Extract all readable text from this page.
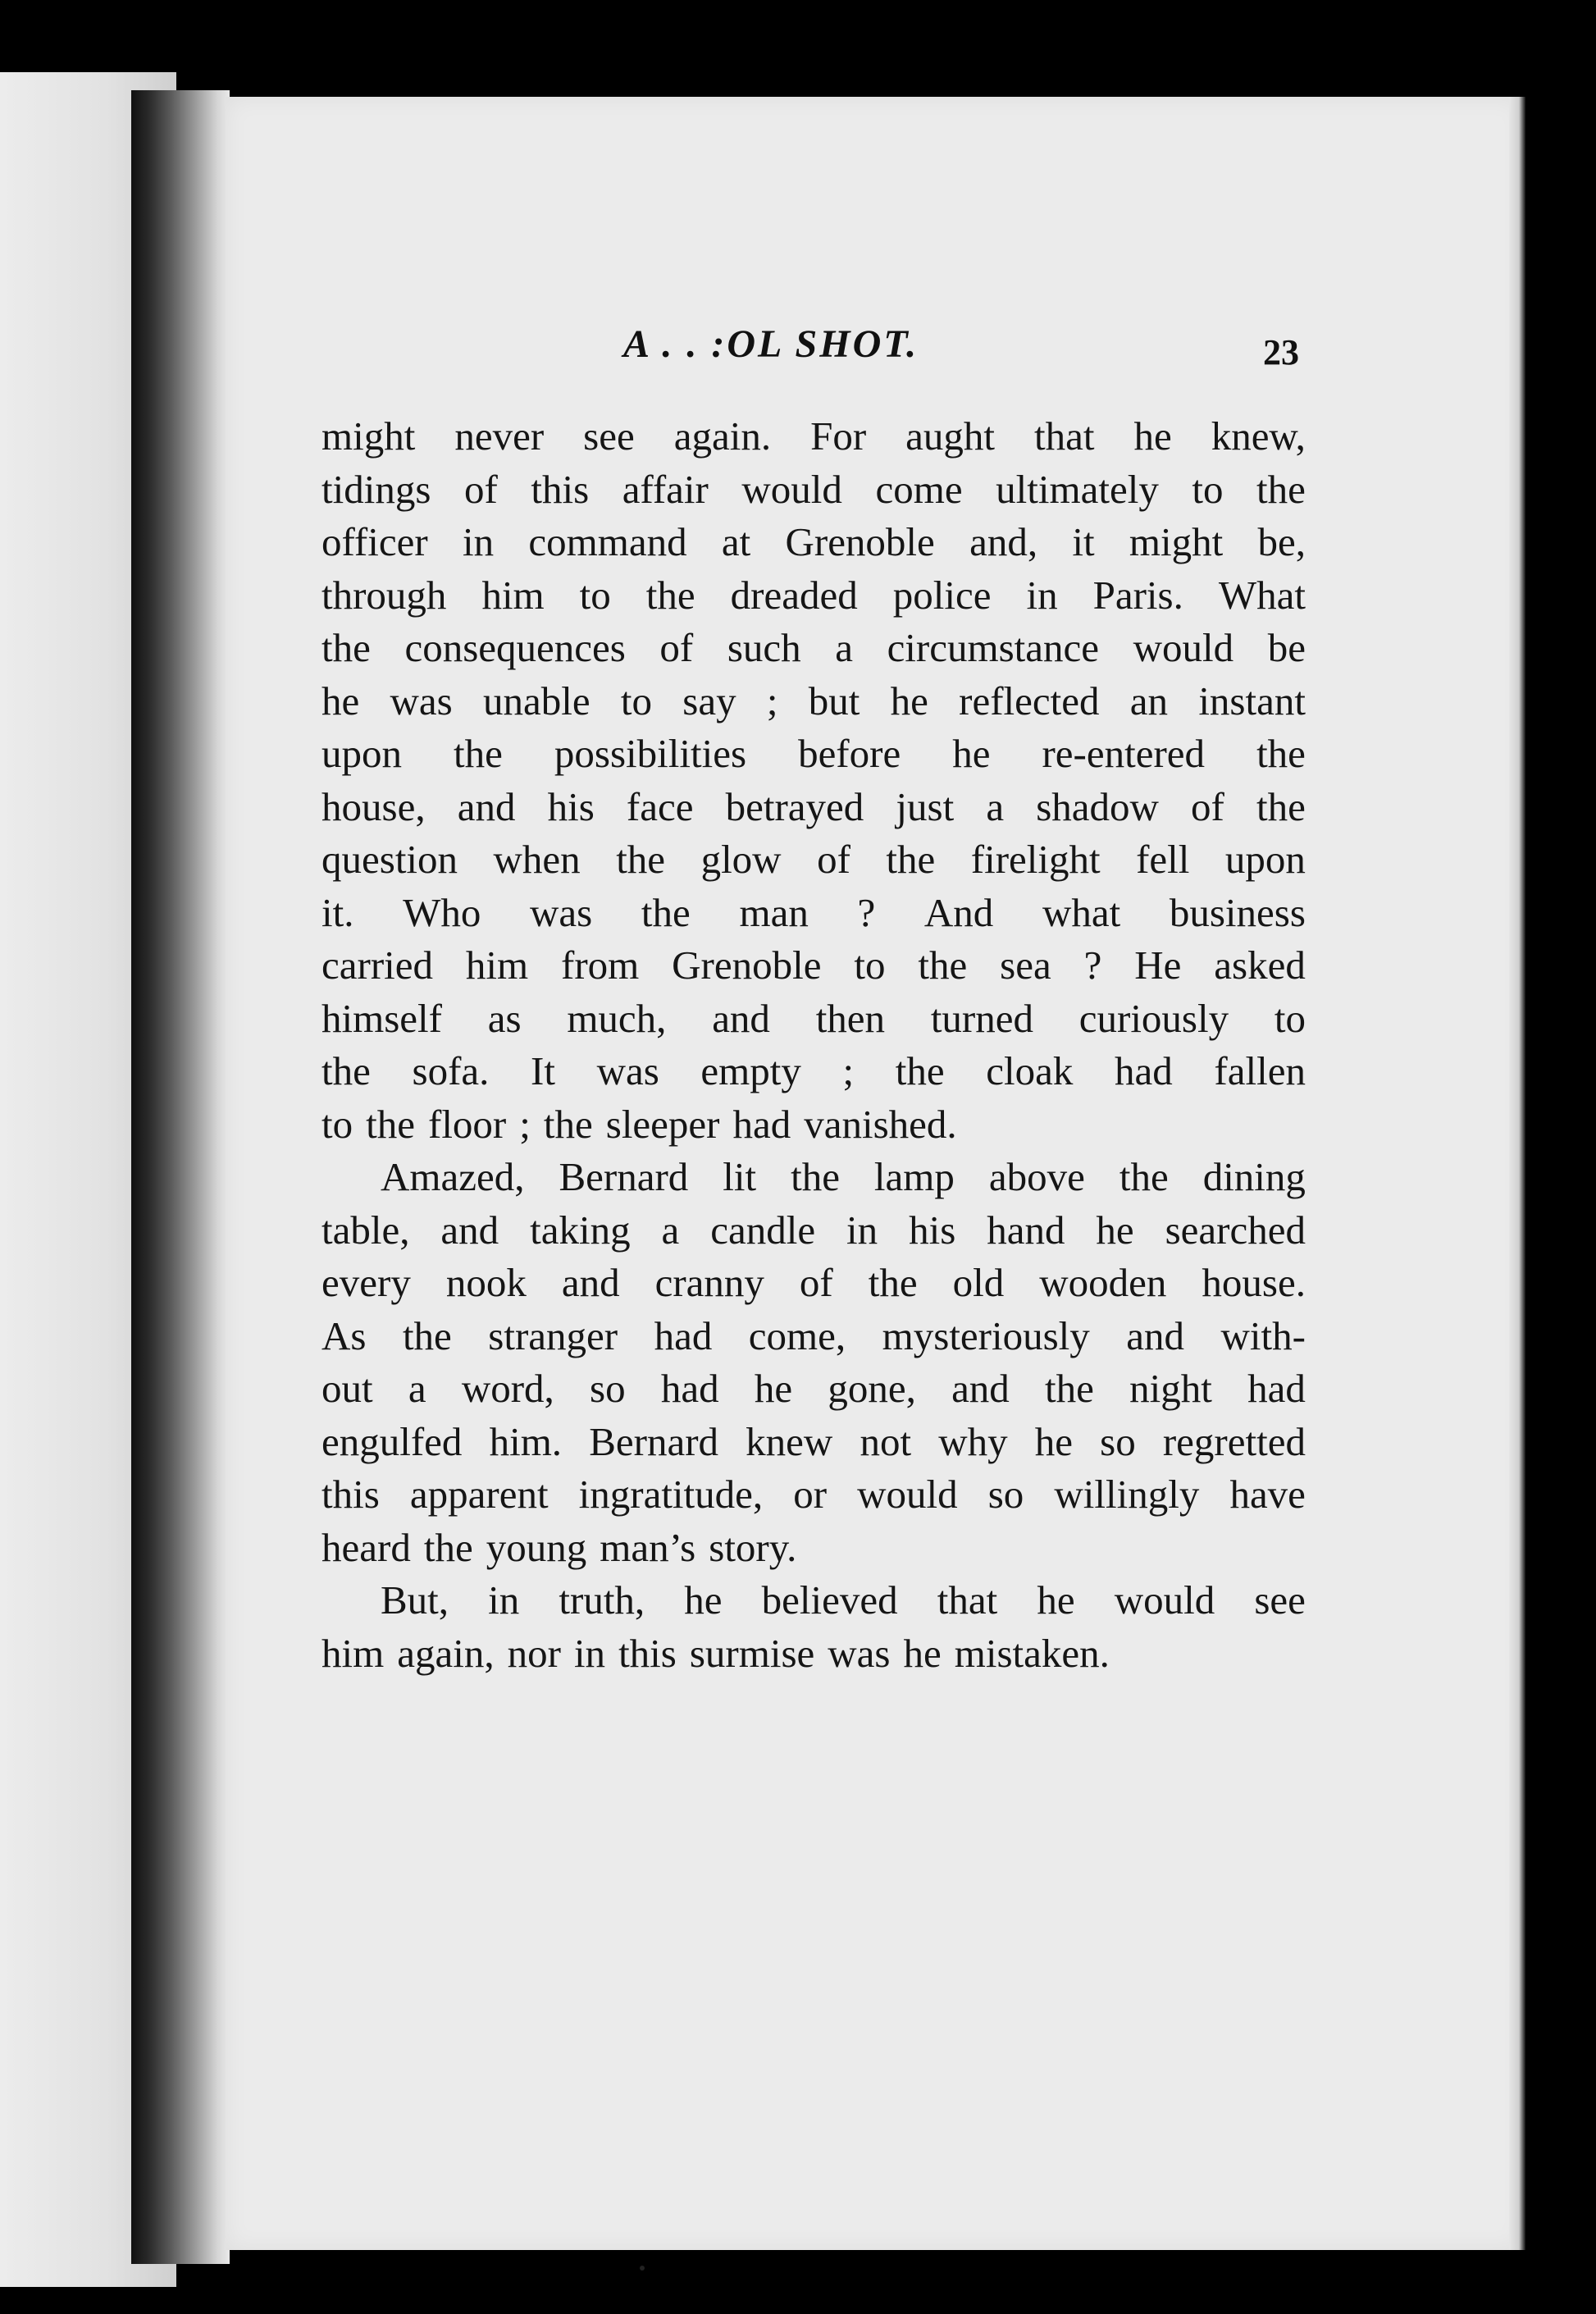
A ⁠. . :OL SHOT.	23
might never see again. For aught that he knew,
tidings of this affair would come ultimately to the
officer in command at Grenoble and, it might be,
through him to the dreaded police in Paris. What
the consequences of such a circumstance would be
he was unable to say ; but he reflected an instant
upon the possibilities before he re-entered the
house, and his face betrayed just a shadow of the
question when the glow of the firelight fell upon
it. Who was the man ? And what business
carried him from Grenoble to the sea ? He asked
himself as much, and then turned curiously to
the sofa. It was empty ; the cloak had fallen
to the floor ; the sleeper had vanished.
Amazed, Bernard lit the lamp above the dining
table, and taking a candle in his hand he searched
every nook and cranny of the old wooden house.
As the stranger had come, mysteriously and with-
out a word, so had he gone, and the night had
engulfed him. Bernard knew not why he so regretted
this apparent ingratitude, or would so willingly have
heard the young man’s story.
But, in truth, he believed that he would see
him again, nor in this surmise was he mistaken.
